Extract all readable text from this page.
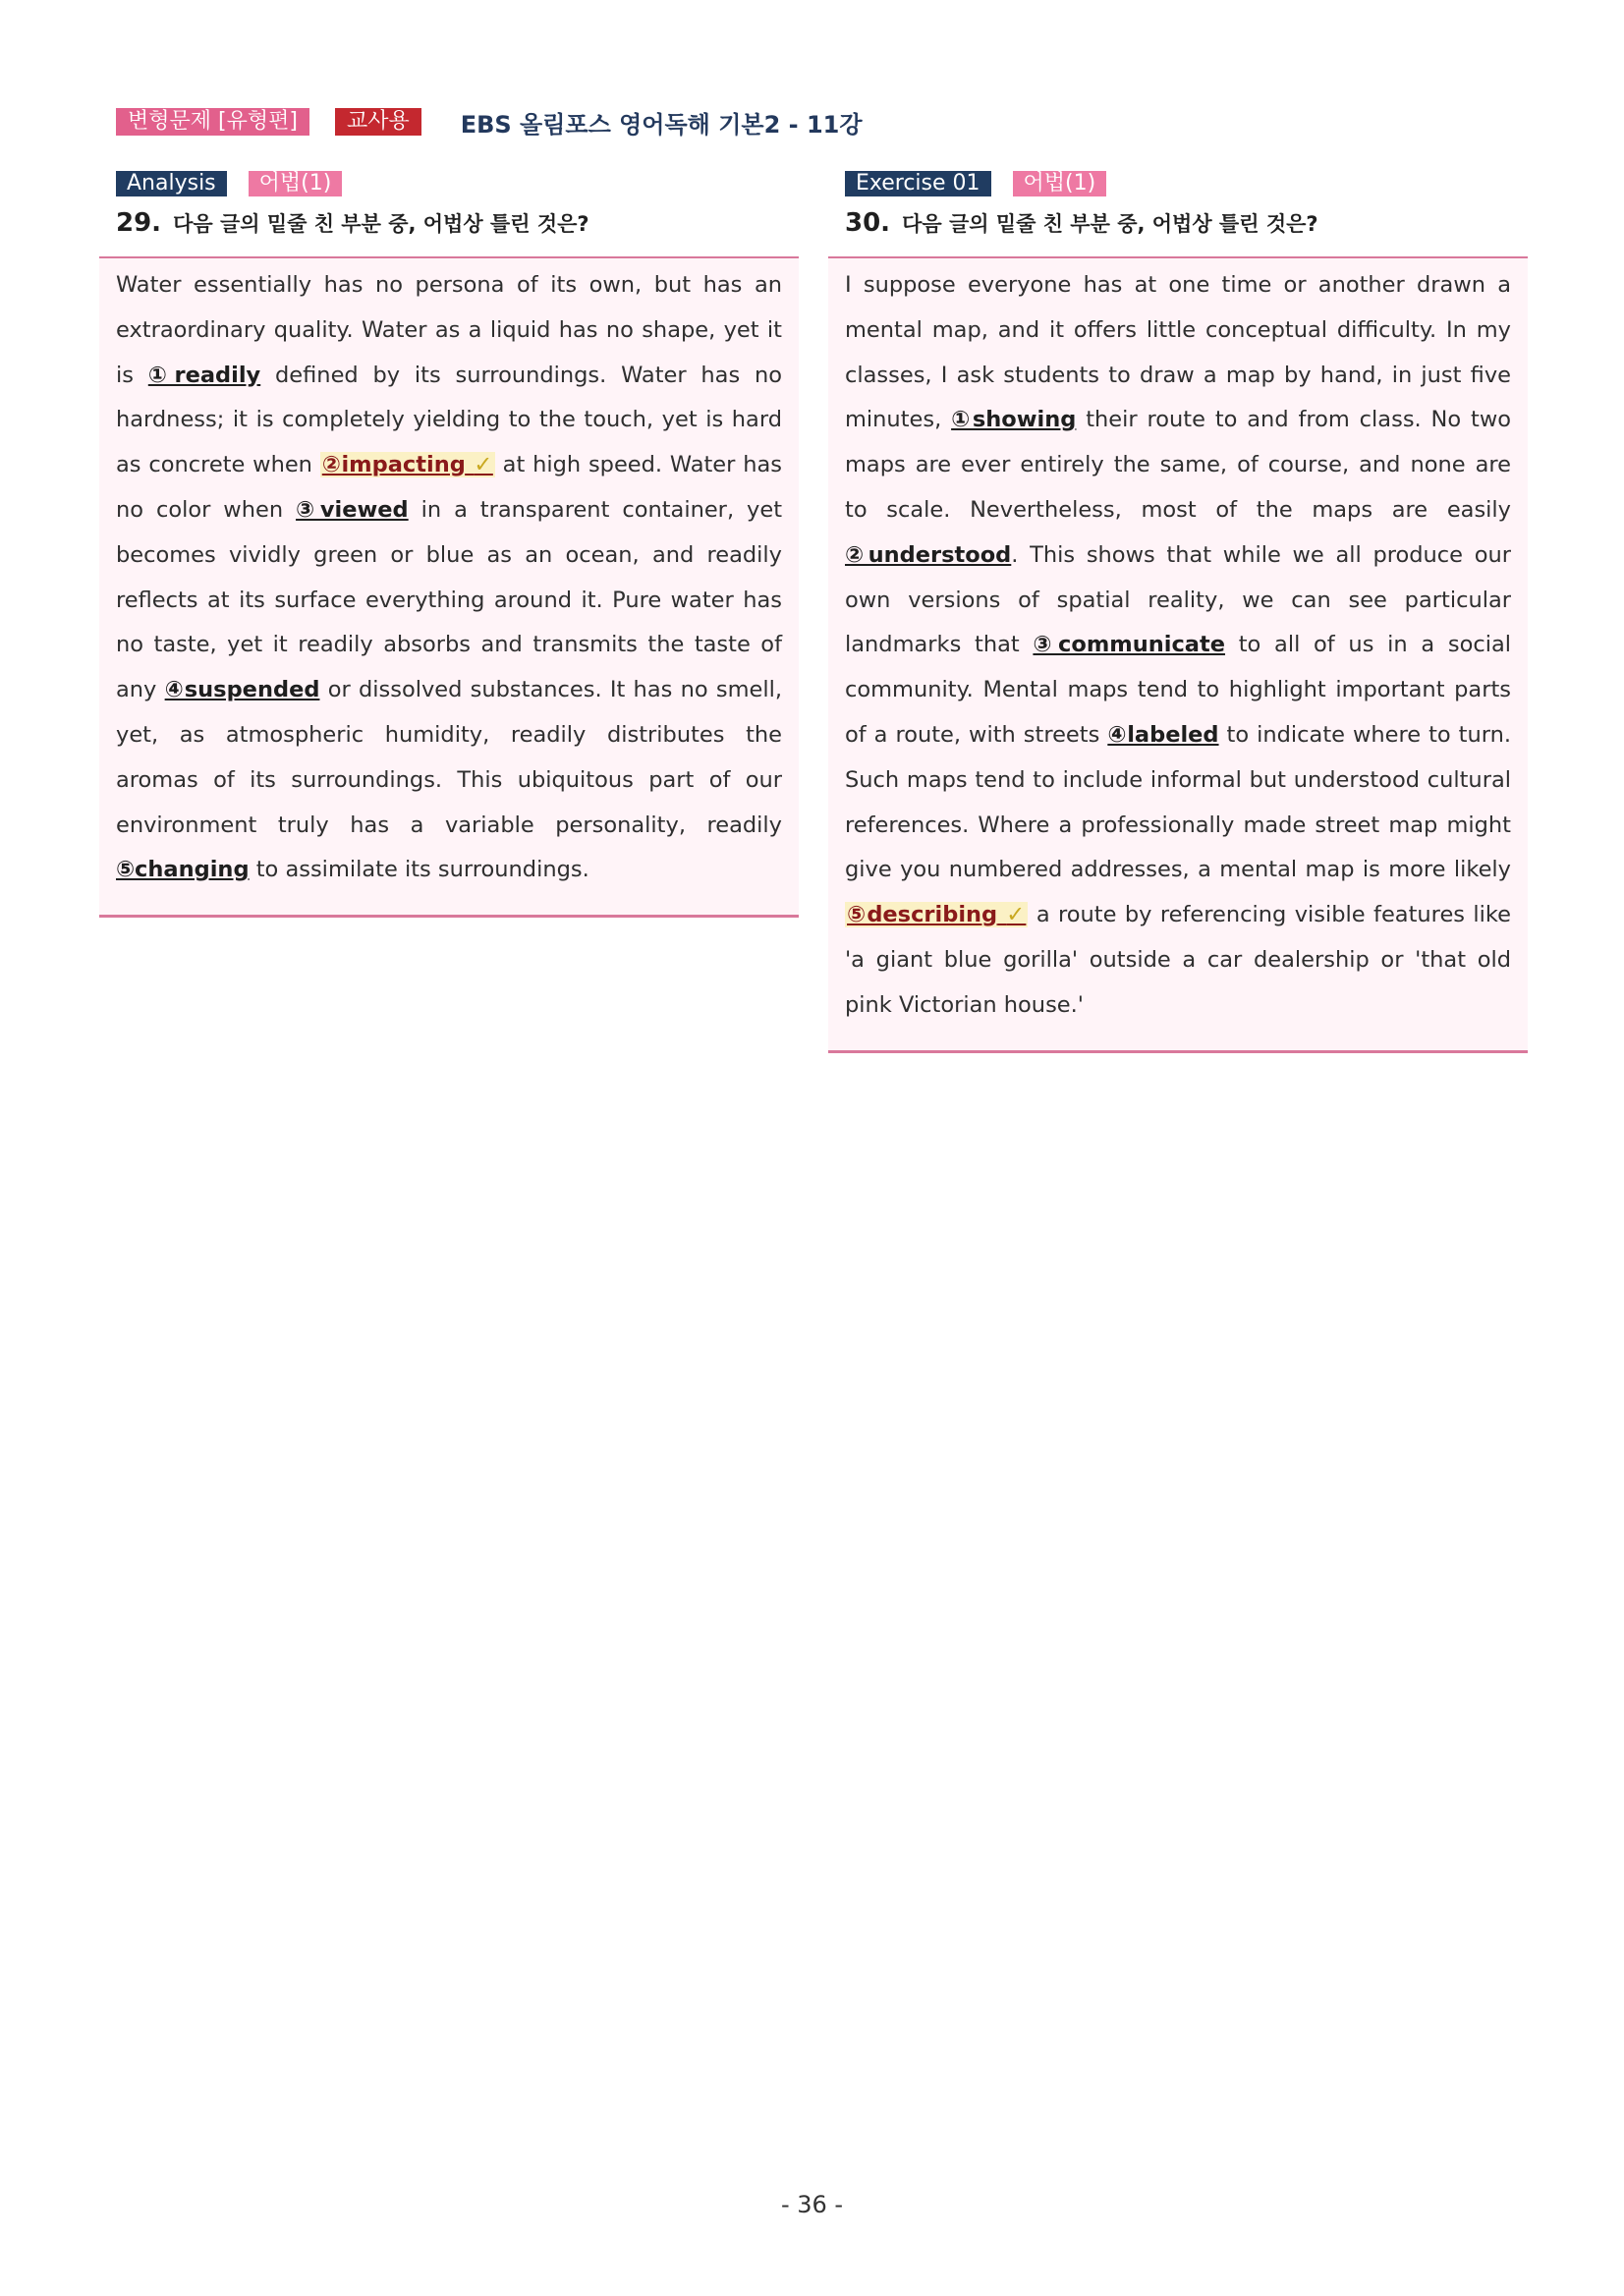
변형문제 [유형편]	교사용	EBS 올림포스 영어독해 기본2 - 11강
Analysis	어법(1)
29. 다음 글의 밑줄 친 부분 중, 어법상 틀린 것은?

Water essentially has no persona of its own, but has an extraordinary quality. Water as a liquid has no shape, yet it is ①readily defined by its surroundings. Water has no hardness; it is completely yielding to the touch, yet is hard as concrete when ②impacting ✓ at high speed. Water has no color when ③viewed in a transparent container, yet becomes vividly green or blue as an ocean, and readily reflects at its surface everything around it. Pure water has no taste, yet it readily absorbs and transmits the taste of any ④suspended or dissolved substances. It has no smell, yet, as atmospheric humidity, readily distributes the aromas of its surroundings. This ubiquitous part of our environment truly has a variable personality, readily ⑤changing to assimilate its surroundings.

Exercise 01	어법(1)
30. 다음 글의 밑줄 친 부분 중, 어법상 틀린 것은?

I suppose everyone has at one time or another drawn a mental map, and it offers little conceptual difficulty. In my classes, I ask students to draw a map by hand, in just five minutes, ①showing their route to and from class. No two maps are ever entirely the same, of course, and none are to scale. Nevertheless, most of the maps are easily ②understood. This shows that while we all produce our own versions of spatial reality, we can see particular landmarks that ③communicate to all of us in a social community. Mental maps tend to highlight important parts of a route, with streets ④labeled to indicate where to turn. Such maps tend to include informal but understood cultural references. Where a professionally made street map might give you numbered addresses, a mental map is more likely ⑤describing ✓ a route by referencing visible features like 'a giant blue gorilla' outside a car dealership or 'that old pink Victorian house.'

- 36 -
